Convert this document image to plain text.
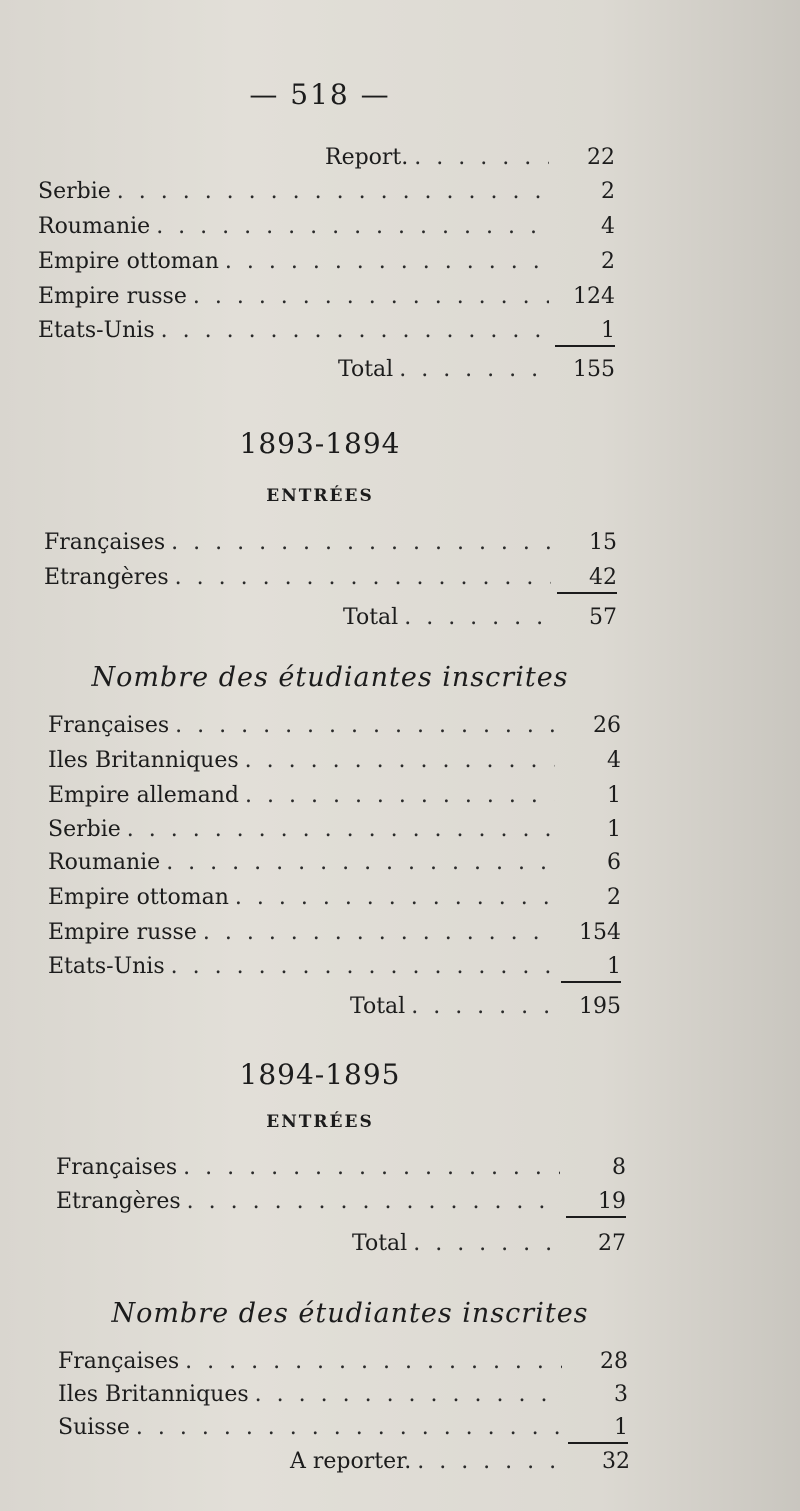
— 518 —
Report. . . .	22
Serbie . . .	2
Roumanie . . .	4
Empire ottoman . . .	2
Empire russe . . .	124
Etats-Unis . . .	1
Total . . .	155
1893-1894
ENTRÉES
Françaises . . .	15
Etrangères . . .	42
Total . . .	57
Nombre des étudiantes inscrites
Françaises . . .	26
Iles Britanniques . . .	4
Empire allemand . . .	1
Serbie . . .	1
Roumanie . . .	6
Empire ottoman . . .	2
Empire russe . . .	154
Etats-Unis . . .	1
Total . . .	195
1894-1895
ENTRÉES
Françaises . . .	8
Etrangères . . .	19
Total . . .	27
Nombre des étudiantes inscrites
Françaises . . .	28
Iles Britanniques . . .	3
Suisse . . .	1
A reporter. . . .	32
